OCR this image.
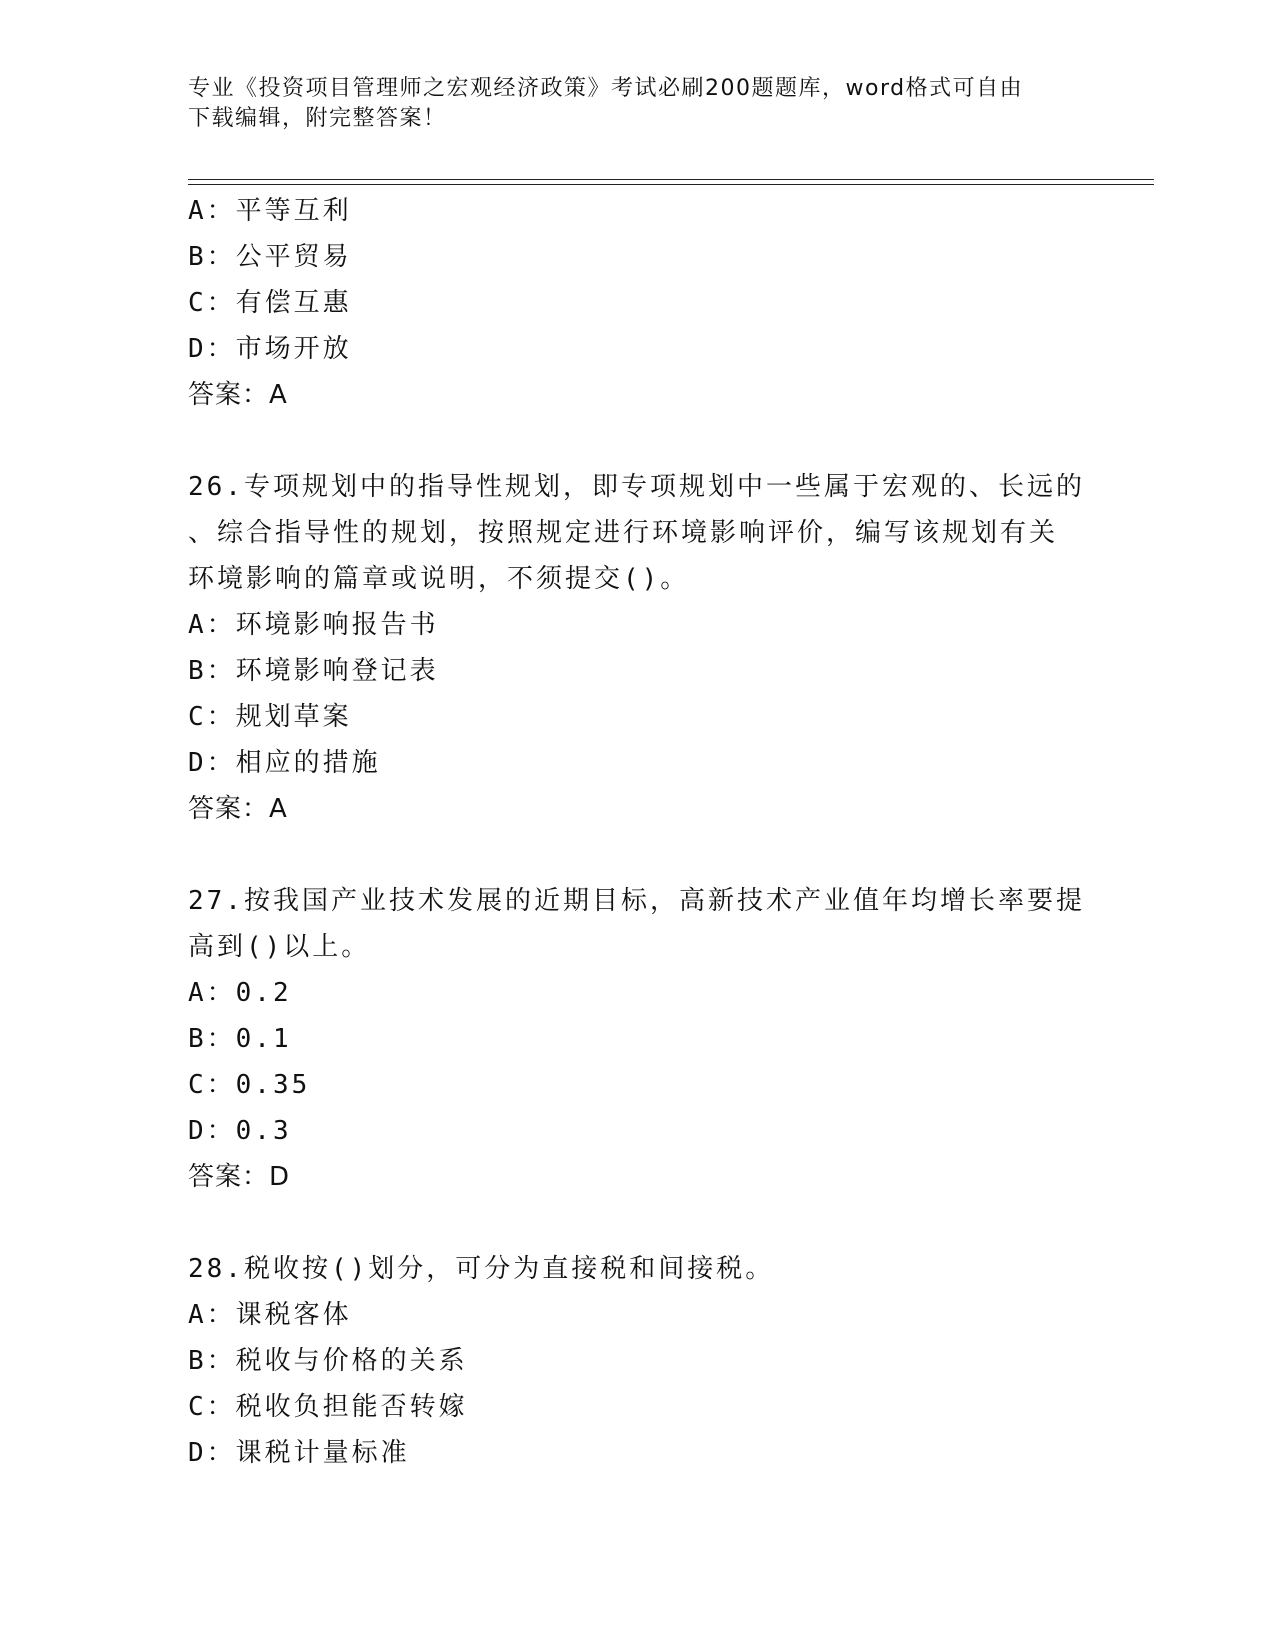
专业《投资项目管理师之宏观经济政策》考试必刷200题题库，word格式可自由
下载编辑，附完整答案！
A：平等互利
B：公平贸易
C：有偿互惠
D：市场开放
答案：A
26.专项规划中的指导性规划，即专项规划中一些属于宏观的、长远的
、综合指导性的规划，按照规定进行环境影响评价，编写该规划有关
环境影响的篇章或说明，不须提交()。
A：环境影响报告书
B：环境影响登记表
C：规划草案
D：相应的措施
答案：A
27.按我国产业技术发展的近期目标，高新技术产业值年均增长率要提
高到()以上。
A：0.2
B：0.1
C：0.35
D：0.3
答案：D
28.税收按()划分，可分为直接税和间接税。
A：课税客体
B：税收与价格的关系
C：税收负担能否转嫁
D：课税计量标准
